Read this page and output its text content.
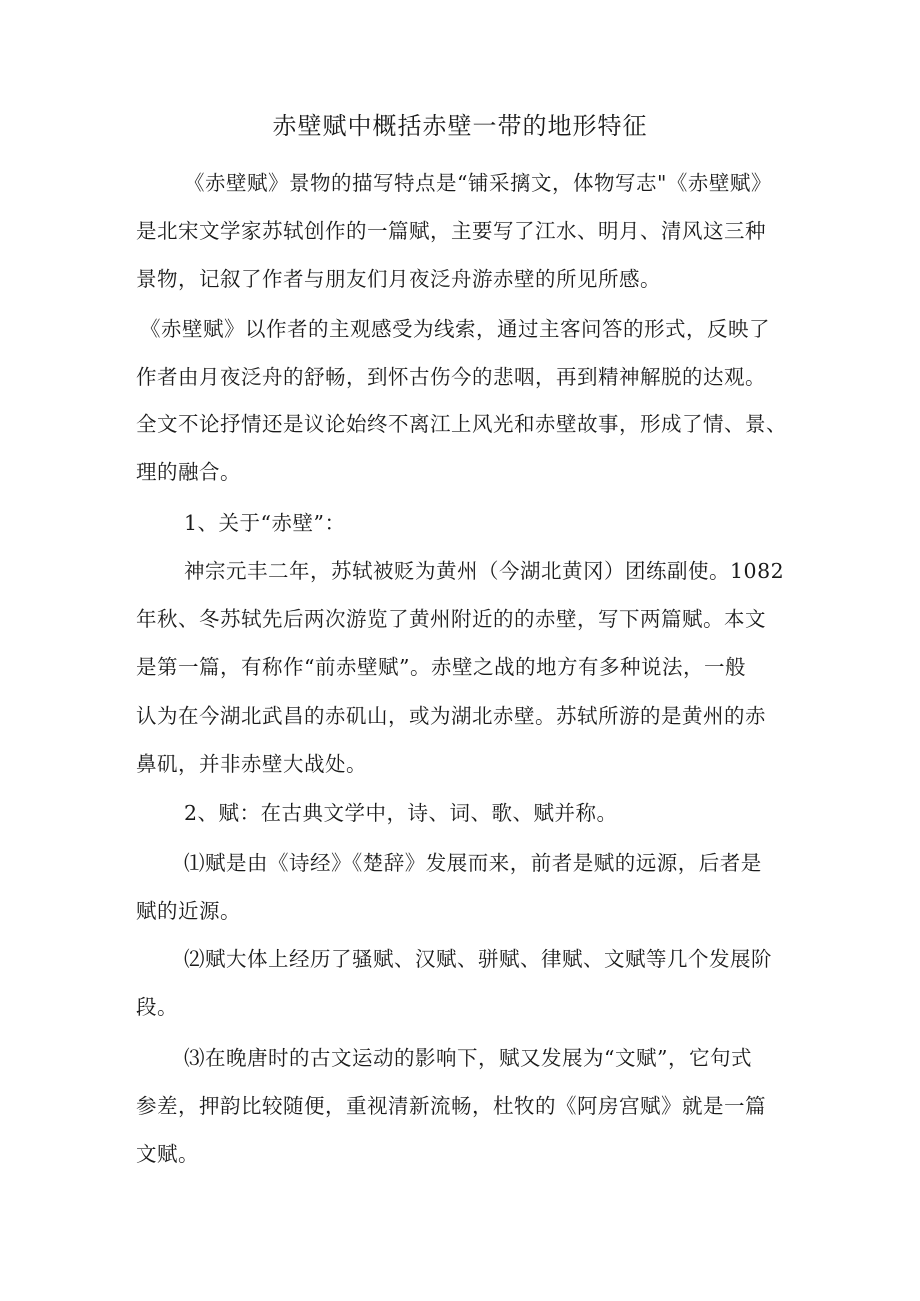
赤壁赋中概括赤壁一带的地形特征
《赤壁赋》景物的描写特点是“铺采摛文，体物写志"《赤壁赋》
是北宋文学家苏轼创作的一篇赋，主要写了江水、明月、清风这三种
景物，记叙了作者与朋友们月夜泛舟游赤壁的所见所感。
《赤壁赋》以作者的主观感受为线索，通过主客问答的形式，反映了
作者由月夜泛舟的舒畅，到怀古伤今的悲咽，再到精神解脱的达观。
全文不论抒情还是议论始终不离江上风光和赤壁故事，形成了情、景、
理的融合。
1、关于“赤壁”：
神宗元丰二年，苏轼被贬为黄州（今湖北黄冈）团练副使。1082
年秋、冬苏轼先后两次游览了黄州附近的的赤壁，写下两篇赋。本文
是第一篇，有称作“前赤壁赋”。赤壁之战的地方有多种说法，一般
认为在今湖北武昌的赤矶山，或为湖北赤壁。苏轼所游的是黄州的赤
鼻矶，并非赤壁大战处。
2、赋：在古典文学中，诗、词、歌、赋并称。
⑴赋是由《诗经》《楚辞》发展而来，前者是赋的远源，后者是
赋的近源。
⑵赋大体上经历了骚赋、汉赋、骈赋、律赋、文赋等几个发展阶
段。
⑶在晚唐时的古文运动的影响下，赋又发展为“文赋”，它句式
参差，押韵比较随便，重视清新流畅，杜牧的《阿房宫赋》就是一篇
文赋。
